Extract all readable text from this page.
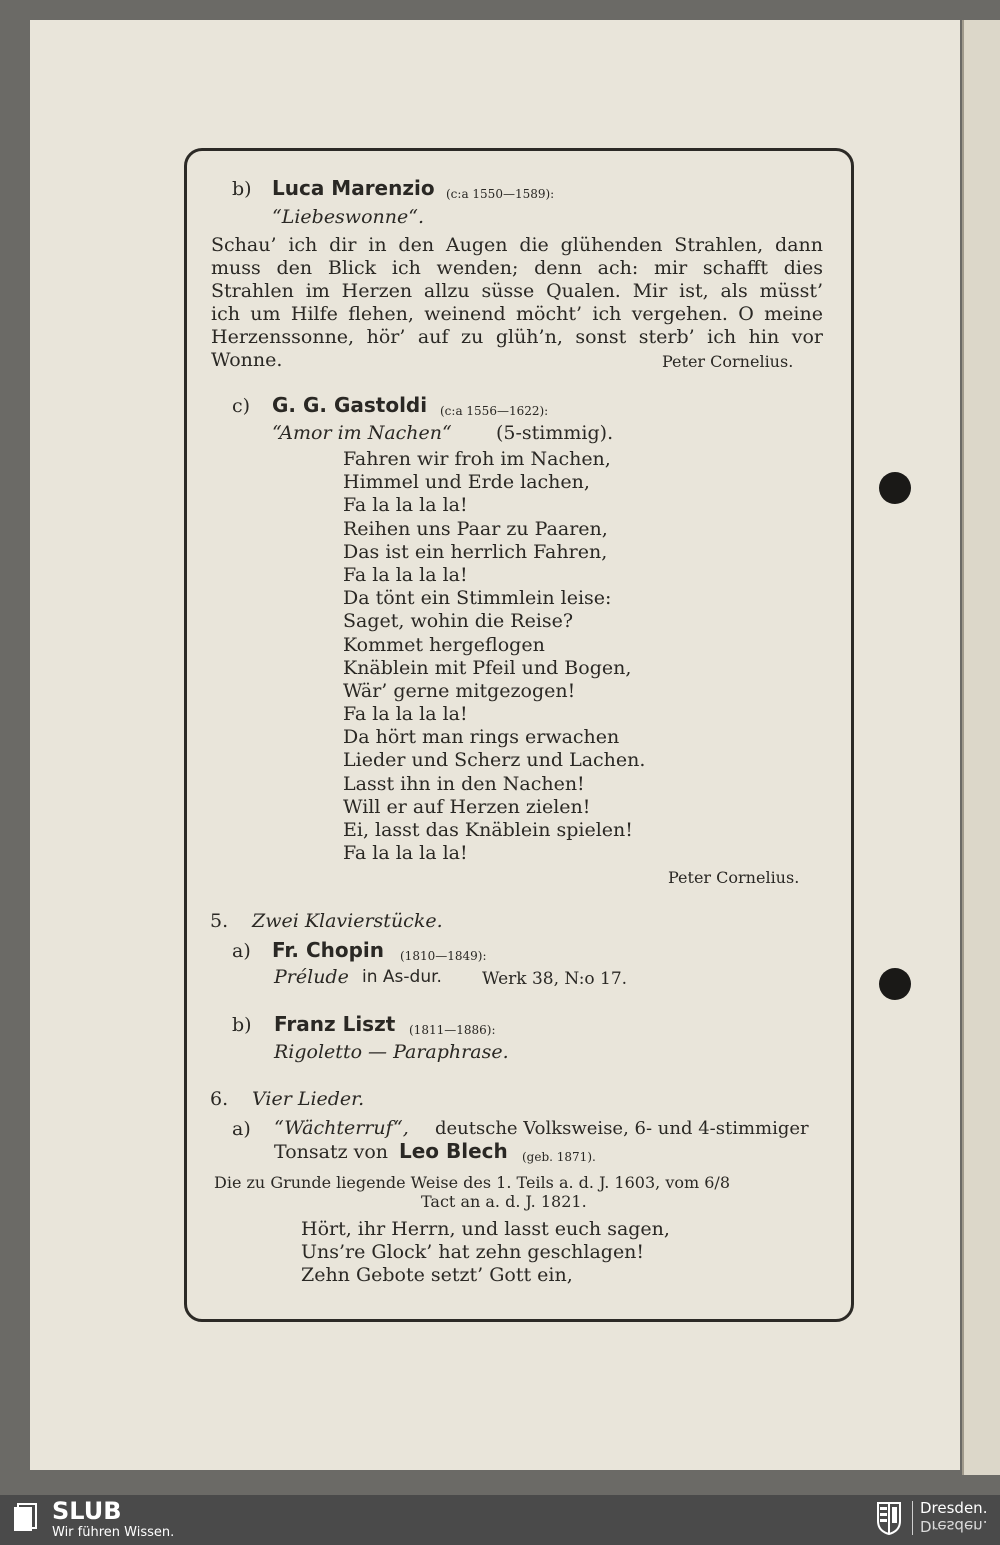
b) Luca Marenzio (c:a 1550—1589):
“Liebeswonne“.
Schau’ ich dir in den Augen die glühenden Strahlen, dann
muss den Blick ich wenden; denn ach: mir schafft dies
Strahlen im Herzen allzu süsse Qualen. Mir ist, als müsst’
ich um Hilfe flehen, weinend möcht’ ich vergehen. O meine
Herzenssonne, hör’ auf zu glüh’n, sonst sterb’ ich hin vor
Wonne.	Peter Cornelius.
c) G. G. Gastoldi (c:a 1556—1622):
“Amor im Nachen“ (5-stimmig).
Fahren wir froh im Nachen,
Himmel und Erde lachen,
Fa la la la la!
Reihen uns Paar zu Paaren,
Das ist ein herrlich Fahren,
Fa la la la la!
Da tönt ein Stimmlein leise:
Saget, wohin die Reise?
Kommet hergeflogen
Knäblein mit Pfeil und Bogen,
Wär’ gerne mitgezogen!
Fa la la la la!
Da hört man rings erwachen
Lieder und Scherz und Lachen.
Lasst ihn in den Nachen!
Will er auf Herzen zielen!
Ei, lasst das Knäblein spielen!
Fa la la la la!
Peter Cornelius.
5. Zwei Klavierstücke.
a) Fr. Chopin (1810—1849):
Prélude in As-dur. Werk 38, N:o 17.
b) Franz Liszt (1811—1886):
Rigoletto — Paraphrase.
6. Vier Lieder.
a) “Wächterruf“, deutsche Volksweise, 6- und 4-stimmiger
Tonsatz von Leo Blech (geb. 1871).
Die zu Grunde liegende Weise des 1. Teils a. d. J. 1603, vom 6/8
Tact an a. d. J. 1821.
Hört, ihr Herrn, und lasst euch sagen,
Uns’re Glock’ hat zehn geschlagen!
Zehn Gebote setzt’ Gott ein,
SLUB
Wir führen Wissen.
Dresden.
Dresden.
